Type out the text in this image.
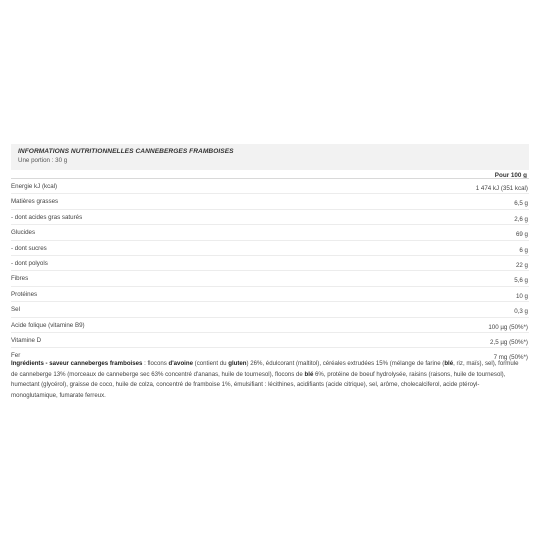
INFORMATIONS NUTRITIONNELLES CANNEBERGES FRAMBOISES
Une portion : 30 g
Pour 100 g
Energie kJ (kcal)	1 474 kJ (351 kcal)
Matières grasses	6,5 g
- dont acides gras saturés	2,6 g
Glucides	69 g
- dont sucres	6 g
- dont polyols	22 g
Fibres	5,6 g
Protéines	10 g
Sel	0,3 g
Acide folique (vitamine B9)	100 µg (50%*)
Vitamine D	2,5 µg (50%*)
Fer	7 mg (50%*)
Ingrédients - saveur canneberges framboises : flocons d'avoine (contient du gluten) 26%, édulcorant (maltitol), céréales extrudées 15% (mélange de farine (blé, riz, maïs), sel), formule de canneberge 13% (morceaux de canneberge sec 63% concentré d'ananas, huile de tournesol), flocons de blé 6%, protéine de boeuf hydrolysée, raisins (raisons, huile de tournesol), humectant (glycérol), graisse de coco, huile de colza, concentré de framboise 1%, émulsifiant : lécithines, acidifiants (acide citrique), sel, arôme, cholecalciferol, acide ptéroyl-monoglutamique, fumarate ferreux.
